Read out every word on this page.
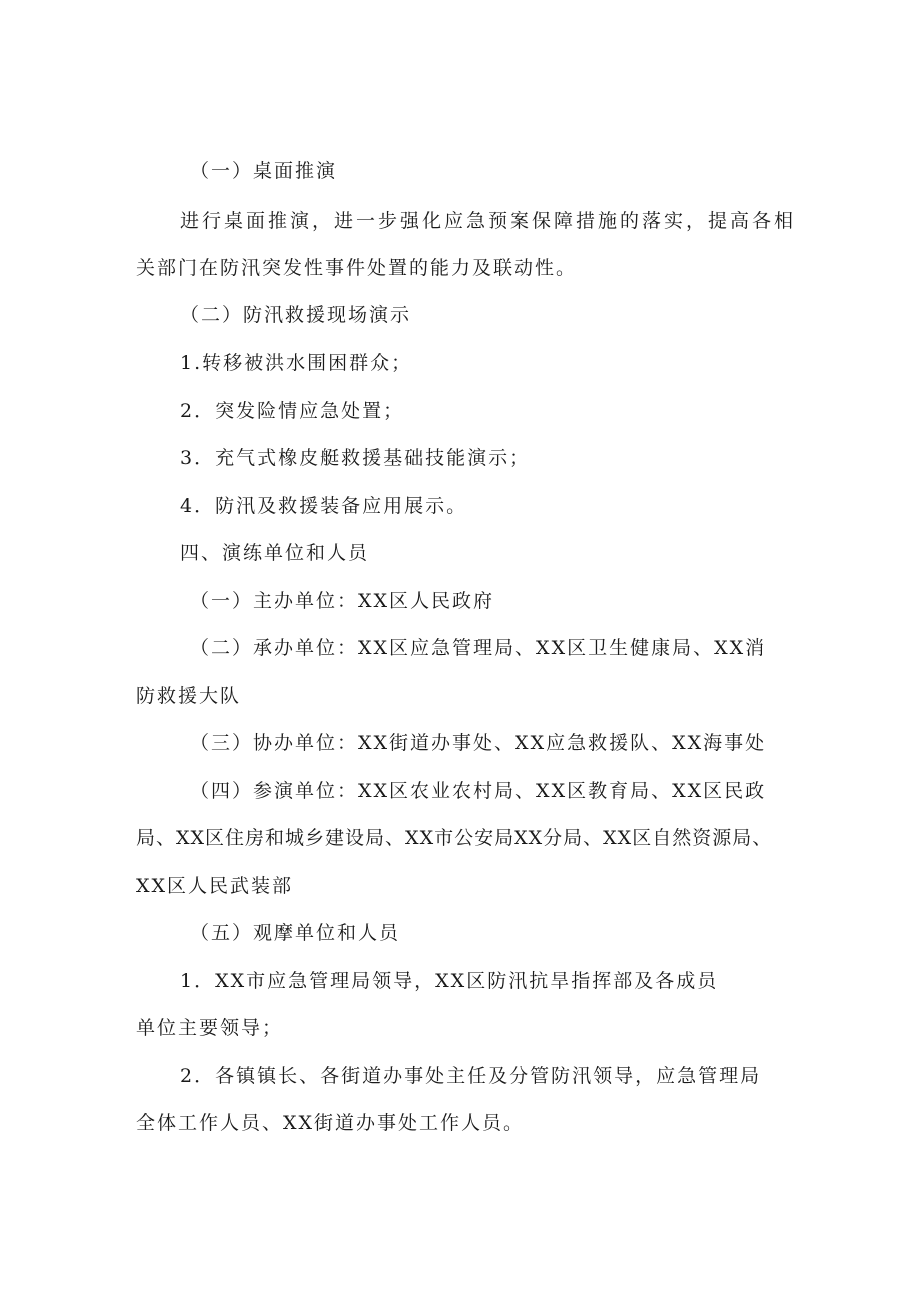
（一）桌面推演
进行桌面推演，进一步强化应急预案保障措施的落实，提高各相
关部门在防汛突发性事件处置的能力及联动性。
（二）防汛救援现场演示
1.转移被洪水围困群众；
2．突发险情应急处置；
3．充气式橡皮艇救援基础技能演示；
4．防汛及救援装备应用展示。
四、演练单位和人员
（一）主办单位：XX区人民政府
（二）承办单位：XX区应急管理局、XX区卫生健康局、XX消
防救援大队
（三）协办单位：XX街道办事处、XX应急救援队、XX海事处
（四）参演单位：XX区农业农村局、XX区教育局、XX区民政
局、XX区住房和城乡建设局、XX市公安局XX分局、XX区自然资源局、
XX区人民武装部
（五）观摩单位和人员
1．XX市应急管理局领导，XX区防汛抗旱指挥部及各成员
单位主要领导；
2．各镇镇长、各街道办事处主任及分管防汛领导，应急管理局
全体工作人员、XX街道办事处工作人员。
